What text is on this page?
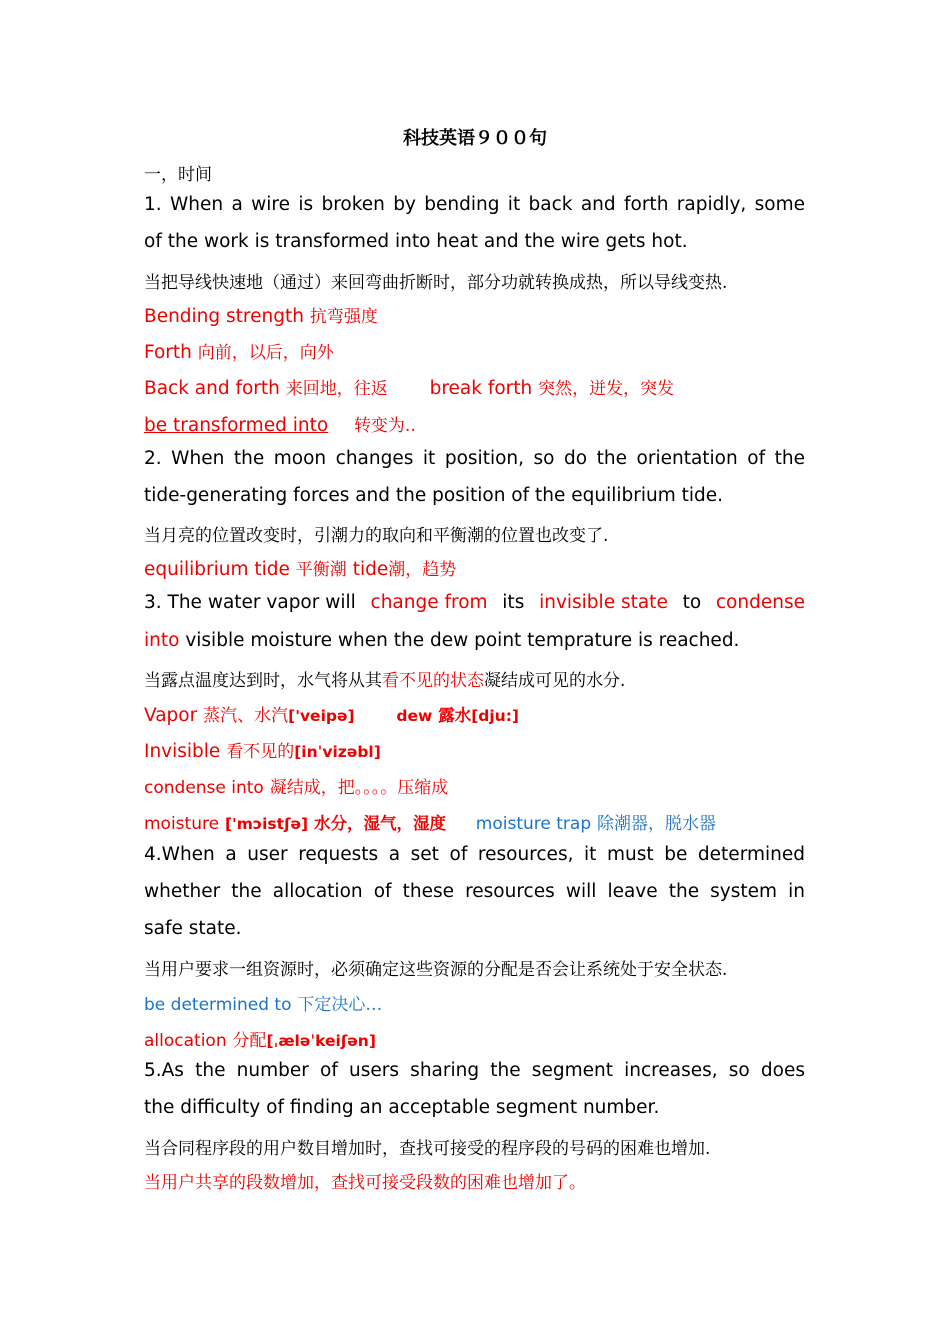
科技英语９００句
一，时间
1. When a wire is broken by bending it back and forth rapidly, some
of the work is transformed into heat and the wire gets hot.
当把导线快速地（通过）来回弯曲折断时，部分功就转换成热，所以导线变热.
Bending strength 抗弯强度
Forth 向前，以后，向外
Back and forth 来回地，往返 break forth 突然，迸发，突发
be transformed into 转变为..
2. When the moon changes it position, so do the orientation of the
tide-generating forces and the position of the equilibrium tide.
当月亮的位置改变时，引潮力的取向和平衡潮的位置也改变了.
equilibrium tide 平衡潮 tide潮，趋势
3. The water vapor will change from its invisible state to condense
into visible moisture when the dew point temprature is reached.
当露点温度达到时，水气将从其看不见的状态凝结成可见的水分.
Vapor 蒸汽、水汽['veipə]	dew 露水[dju:]
Invisible 看不见的[inˈvizəbl]
condense into 凝结成，把。。。。压缩成
moisture ['mɔistʃə] 水分，湿气，湿度 moisture trap 除潮器，脱水器
4.When a user requests a set of resources, it must be determined
whether the allocation of these resources will leave the system in
safe state.
当用户要求一组资源时，必须确定这些资源的分配是否会让系统处于安全状态.
be determined to 下定决心…
allocation 分配[ˌæləˈkeiʃən]
5.As the number of users sharing the segment increases, so does
the difficulty of finding an acceptable segment number.
当合同程序段的用户数目增加时，查找可接受的程序段的号码的困难也增加.
当用户共享的段数增加，查找可接受段数的困难也增加了。
